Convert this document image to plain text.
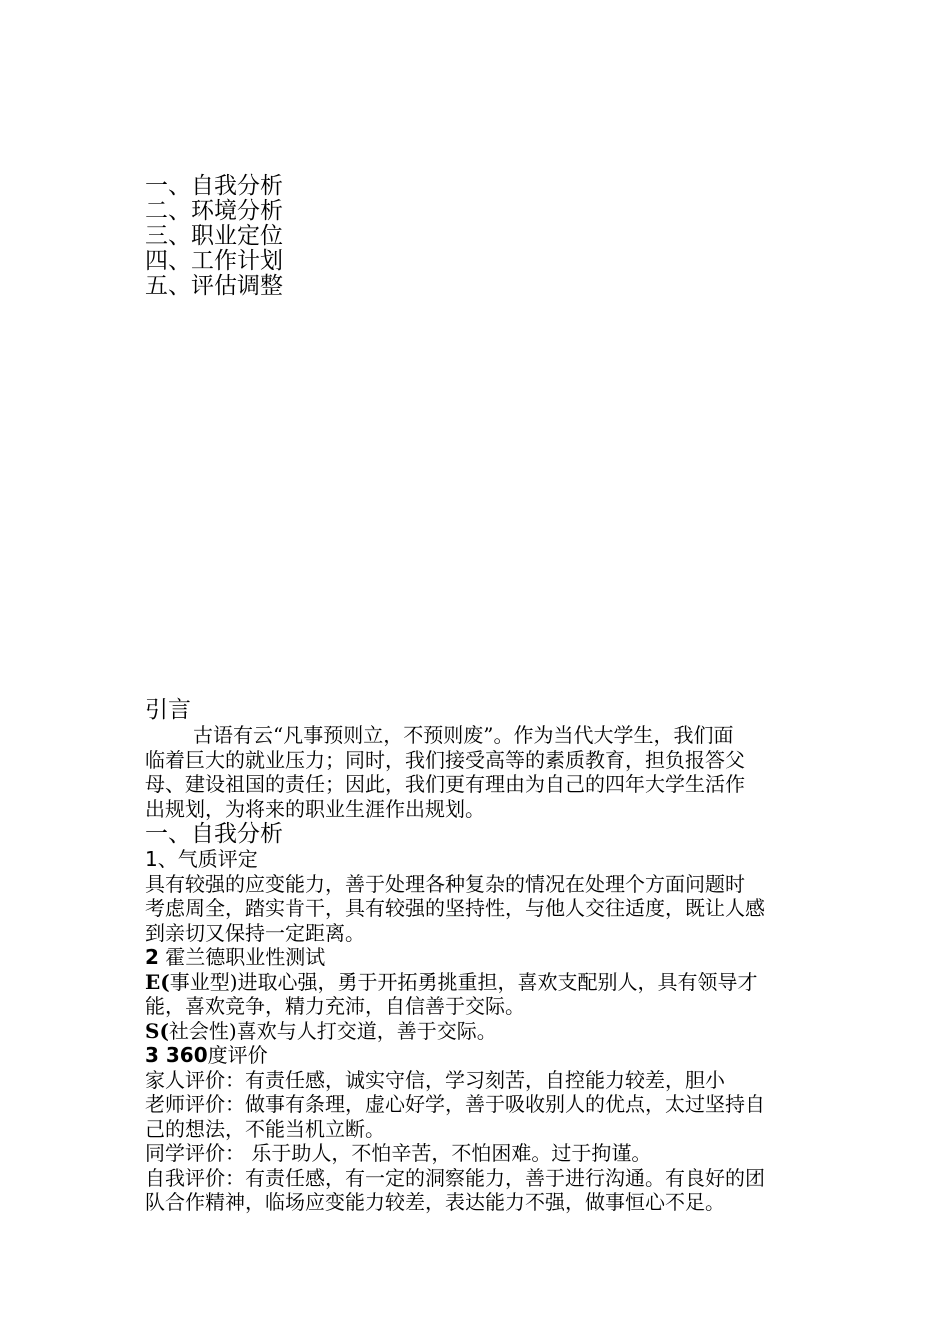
一、自我分析
二、环境分析
三、职业定位
四、工作计划
五、评估调整
引言

古语有云“凡事预则立，不预则废”。作为当代大学生，我们面
临着巨大的就业压力；同时，我们接受高等的素质教育，担负报答父
母、建设祖国的责任；因此，我们更有理由为自己的四年大学生活作
出规划，为将来的职业生涯作出规划。

一、自我分析
1、气质评定

具有较强的应变能力，善于处理各种复杂的情况在处理个方面问题时
考虑周全，踏实肯干，具有较强的坚持性，与他人交往适度，既让人感
到亲切又保持一定距离。

2 霍兰德职业性测试

E(事业型)进取心强，勇于开拓勇挑重担，喜欢支配别人，具有领导才
能，喜欢竞争，精力充沛，自信善于交际。

S(社会性)喜欢与人打交道，善于交际。

3 360度评价

家人评价：有责任感，诚实守信，学习刻苦，自控能力较差，胆小

老师评价：做事有条理，虚心好学，善于吸收别人的优点，太过坚持自
己的想法，不能当机立断。

同学评价： 乐于助人，不怕辛苦，不怕困难。过于拘谨。

自我评价：有责任感，有一定的洞察能力，善于进行沟通。有良好的团
队合作精神，临场应变能力较差，表达能力不强，做事恒心不足。
